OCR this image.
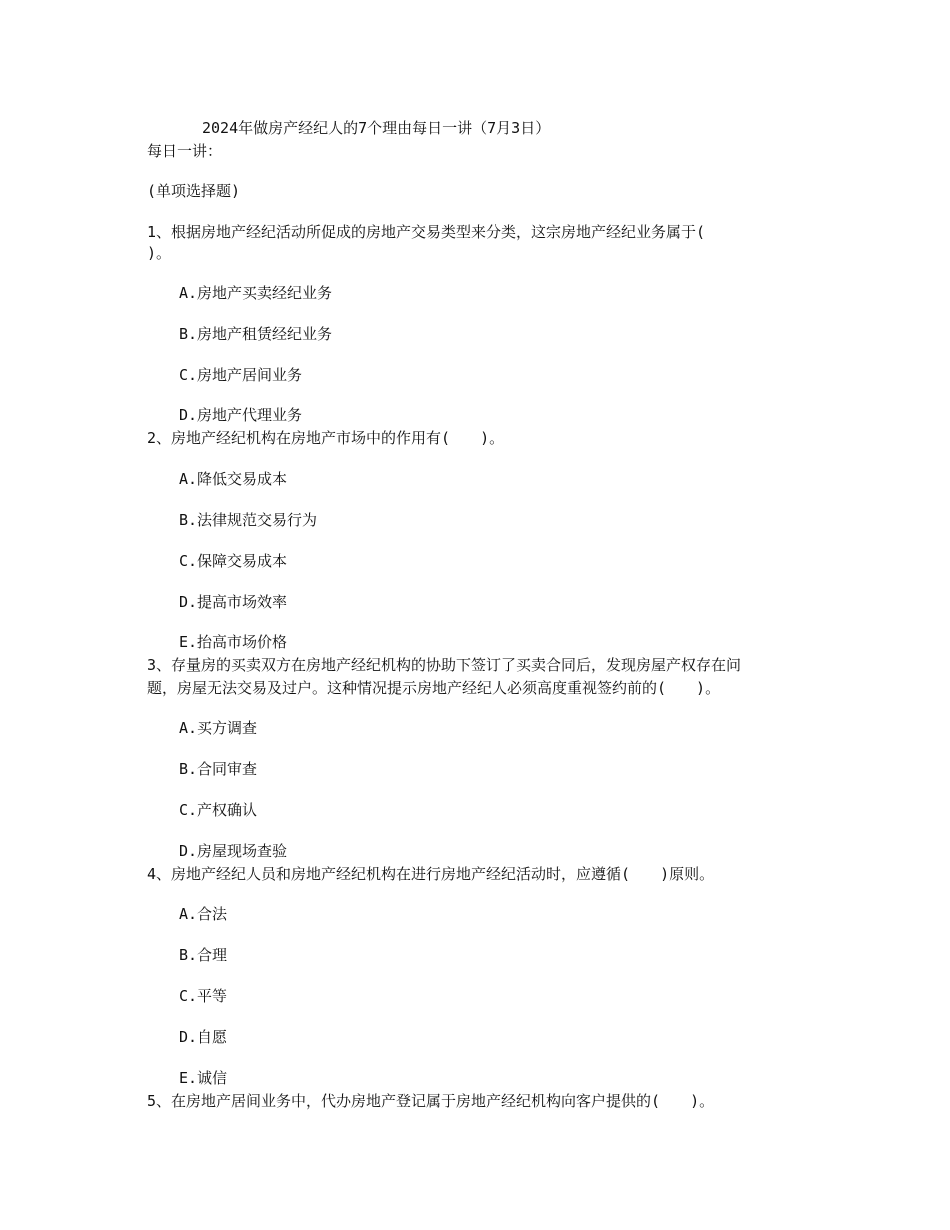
2024年做房产经纪人的7个理由每日一讲（7月3日）
每日一讲：
(单项选择题)
1、根据房地产经纪活动所促成的房地产交易类型来分类，这宗房地产经纪业务属于(
)。
A.房地产买卖经纪业务
B.房地产租赁经纪业务
C.房地产居间业务
D.房地产代理业务
2、房地产经纪机构在房地产市场中的作用有(　　)。
A.降低交易成本
B.法律规范交易行为
C.保障交易成本
D.提高市场效率
E.抬高市场价格
3、存量房的买卖双方在房地产经纪机构的协助下签订了买卖合同后，发现房屋产权存在问
题，房屋无法交易及过户。这种情况提示房地产经纪人必须高度重视签约前的(　　)。
A.买方调查
B.合同审查
C.产权确认
D.房屋现场查验
4、房地产经纪人员和房地产经纪机构在进行房地产经纪活动时，应遵循(　　)原则。
A.合法
B.合理
C.平等
D.自愿
E.诚信
5、在房地产居间业务中，代办房地产登记属于房地产经纪机构向客户提供的(　　)。
